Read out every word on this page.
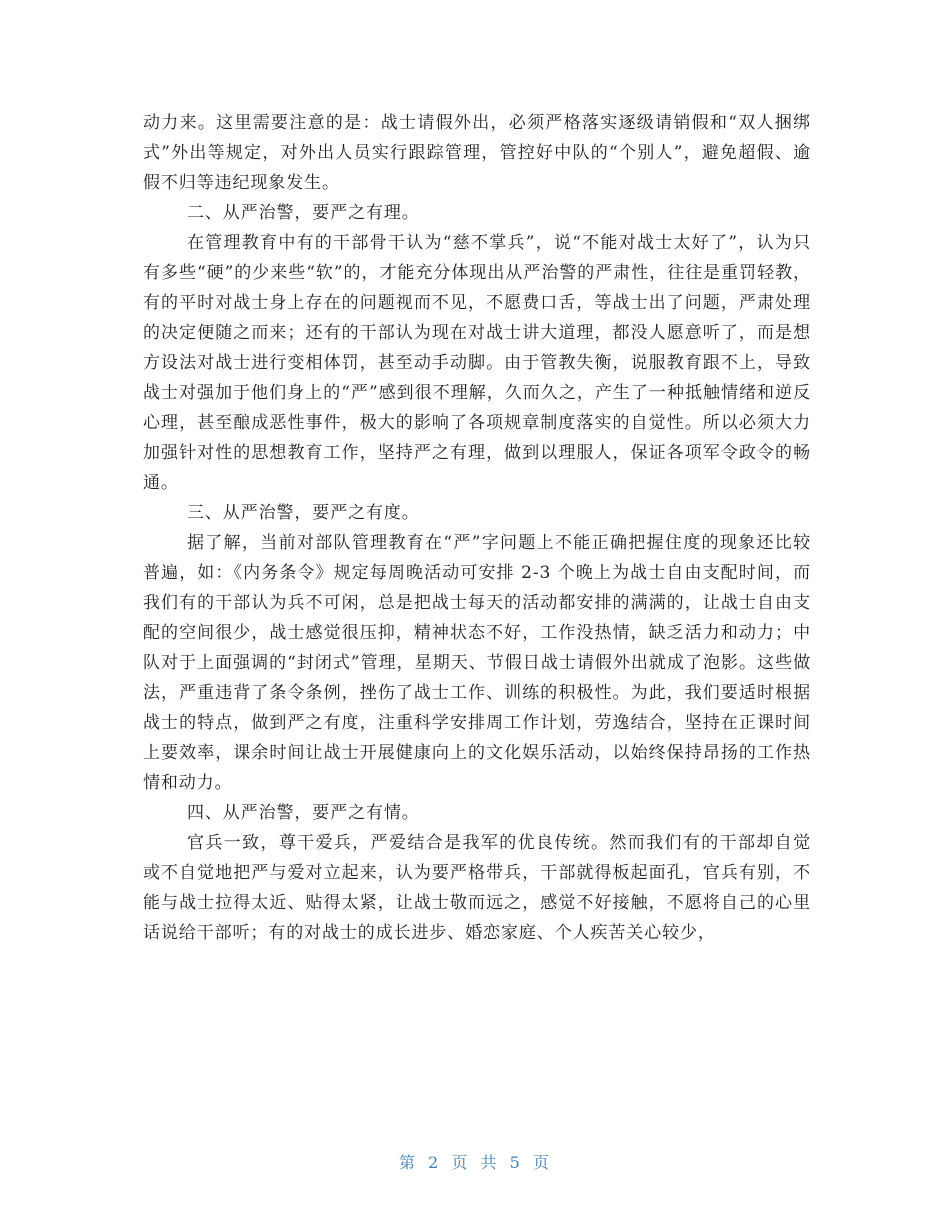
动力来。这里需要注意的是：战士请假外出，必须严格落实逐级请销假和“双人捆绑式”外出等规定，对外出人员实行跟踪管理，管控好中队的“个别人”，避免超假、逾假不归等违纪现象发生。

二、从严治警，要严之有理。

在管理教育中有的干部骨干认为“慈不掌兵”，说“不能对战士太好了”，认为只有多些“硬”的少来些“软”的，才能充分体现出从严治警的严肃性，往往是重罚轻教，有的平时对战士身上存在的问题视而不见，不愿费口舌，等战士出了问题，严肃处理的决定便随之而来；还有的干部认为现在对战士讲大道理，都没人愿意听了，而是想方设法对战士进行变相体罚，甚至动手动脚。由于管教失衡，说服教育跟不上，导致战士对强加于他们身上的“严”感到很不理解，久而久之，产生了一种抵触情绪和逆反心理，甚至酿成恶性事件，极大的影响了各项规章制度落实的自觉性。所以必须大力加强针对性的思想教育工作，坚持严之有理，做到以理服人，保证各项军令政令的畅通。

三、从严治警，要严之有度。

据了解，当前对部队管理教育在“严”字问题上不能正确把握住度的现象还比较普遍，如：《内务条令》规定每周晚活动可安排 2-3 个晚上为战士自由支配时间，而我们有的干部认为兵不可闲，总是把战士每天的活动都安排的满满的，让战士自由支配的空间很少，战士感觉很压抑，精神状态不好，工作没热情，缺乏活力和动力；中队对于上面强调的“封闭式”管理，星期天、节假日战士请假外出就成了泡影。这些做法，严重违背了条令条例，挫伤了战士工作、训练的积极性。为此，我们要适时根据战士的特点，做到严之有度，注重科学安排周工作计划，劳逸结合，坚持在正课时间上要效率，课余时间让战士开展健康向上的文化娱乐活动，以始终保持昂扬的工作热情和动力。

四、从严治警，要严之有情。

官兵一致，尊干爱兵，严爱结合是我军的优良传统。然而我们有的干部却自觉或不自觉地把严与爱对立起来，认为要严格带兵，干部就得板起面孔，官兵有别，不能与战士拉得太近、贴得太紧，让战士敬而远之，感觉不好接触，不愿将自己的心里话说给干部听；有的对战士的成长进步、婚恋家庭、个人疾苦关心较少，

第 2 页 共 5 页
